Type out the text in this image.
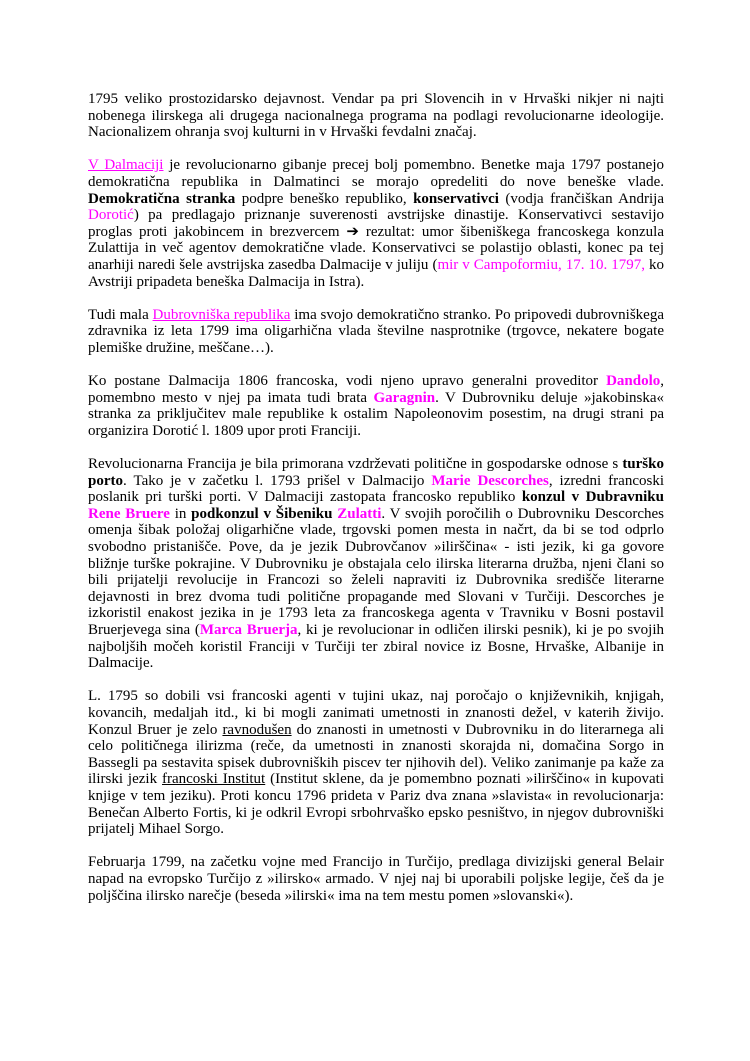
1795 veliko prostozidarsko dejavnost. Vendar pa pri Slovencih in v Hrvaški nikjer ni najti nobenega ilirskega ali drugega nacionalnega programa na podlagi revolucionarne ideologije. Nacionalizem ohranja svoj kulturni in v Hrvaški fevdalni značaj.

V Dalmaciji je revolucionarno gibanje precej bolj pomembno. Benetke maja 1797 postanejo demokratična republika in Dalmatinci se morajo opredeliti do nove beneške vlade. Demokratična stranka podpre beneško republiko, konservativci (vodja frančiškan Andrija Dorotić) pa predlagajo priznanje suverenosti avstrijske dinastije. Konservativci sestavijo proglas proti jakobincem in brezvercem ➔ rezultat: umor šibeniškega francoskega konzula Zulattija in več agentov demokratične vlade. Konservativci se polastijo oblasti, konec pa tej anarhiji naredi šele avstrijska zasedba Dalmacije v juliju (mir v Campoformiu, 17. 10. 1797, ko Avstriji pripadeta beneška Dalmacija in Istra).

Tudi mala Dubrovniška republika ima svojo demokratično stranko. Po pripovedi dubrovniškega zdravnika iz leta 1799 ima oligarhična vlada številne nasprotnike (trgovce, nekatere bogate plemiške družine, meščane…).

Ko postane Dalmacija 1806 francoska, vodi njeno upravo generalni proveditor Dandolo, pomembno mesto v njej pa imata tudi brata Garagnin. V Dubrovniku deluje »jakobinska« stranka za priključitev male republike k ostalim Napoleonovim posestim, na drugi strani pa organizira Dorotić l. 1809 upor proti Franciji.

Revolucionarna Francija je bila primorana vzdrževati politične in gospodarske odnose s turško porto. Tako je v začetku l. 1793 prišel v Dalmacijo Marie Descorches, izredni francoski poslanik pri turški porti. V Dalmaciji zastopata francosko republiko konzul v Dubravniku Rene Bruere in podkonzul v Šibeniku Zulatti. V svojih poročilih o Dubrovniku Descorches omenja šibak položaj oligarhične vlade, trgovski pomen mesta in načrt, da bi se tod odprlo svobodno pristanišče. Pove, da je jezik Dubrovčanov »ilirščina« - isti jezik, ki ga govore bližnje turške pokrajine. V Dubrovniku je obstajala celo ilirska literarna družba, njeni člani so bili prijatelji revolucije in Francozi so želeli napraviti iz Dubrovnika središče literarne dejavnosti in brez dvoma tudi politične propagande med Slovani v Turčiji. Descorches je izkoristil enakost jezika in je 1793 leta za francoskega agenta v Travniku v Bosni postavil Bruerjevega sina (Marca Bruerja, ki je revolucionar in odličen ilirski pesnik), ki je po svojih najboljših močeh koristil Franciji v Turčiji ter zbiral novice iz Bosne, Hrvaške, Albanije in Dalmacije.

L. 1795 so dobili vsi francoski agenti v tujini ukaz, naj poročajo o književnikih, knjigah, kovancih, medaljah itd., ki bi mogli zanimati umetnosti in znanosti dežel, v katerih živijo. Konzul Bruer je zelo ravnodušen do znanosti in umetnosti v Dubrovniku in do literarnega ali celo političnega ilirizma (reče, da umetnosti in znanosti skorajda ni, domačina Sorgo in Bassegli pa sestavita spisek dubrovniških piscev ter njihovih del). Veliko zanimanje pa kaže za ilirski jezik francoski Institut (Institut sklene, da je pomembno poznati »ilirščino« in kupovati knjige v tem jeziku). Proti koncu 1796 prideta v Pariz dva znana »slavista« in revolucionarja: Benečan Alberto Fortis, ki je odkril Evropi srbohrvaško epsko pesništvo, in njegov dubrovniški prijatelj Mihael Sorgo.

Februarja 1799, na začetku vojne med Francijo in Turčijo, predlaga divizijski general Belair napad na evropsko Turčijo z »ilirsko« armado. V njej naj bi uporabili poljske legije, češ da je poljščina ilirsko narečje (beseda »ilirski« ima na tem mestu pomen »slovanski«).
